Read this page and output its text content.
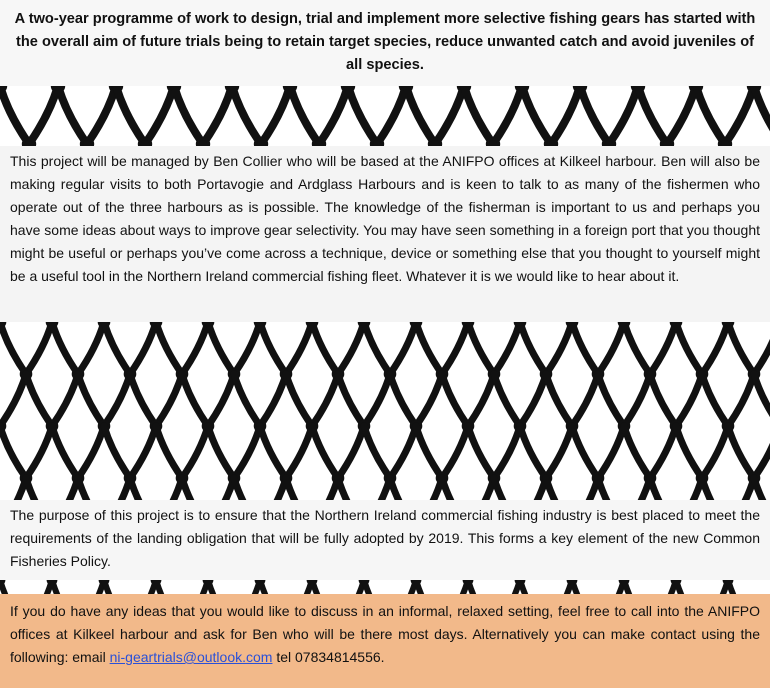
A two-year programme of work to design, trial and implement more selective fishing gears has started with the overall aim of future trials being to retain target species, reduce unwanted catch and avoid juveniles of all species.

This project will be managed by Ben Collier who will be based at the ANIFPO offices at Kilkeel harbour. Ben will also be making regular visits to both Portavogie and Ardglass Harbours and is keen to talk to as many of the fishermen who operate out of the three harbours as is possible. The knowledge of the fisherman is important to us and perhaps you have some ideas about ways to improve gear selectivity. You may have seen something in a foreign port that you thought might be useful or perhaps you’ve come across a technique, device or something else that you thought to yourself might be a useful tool in the Northern Ireland commercial fishing fleet. Whatever it is we would like to hear about it.

The purpose of this project is to ensure that the Northern Ireland commercial fishing industry is best placed to meet the requirements of the landing obligation that will be fully adopted by 2019. This forms a key element of the new Common Fisheries Policy.

If you do have any ideas that you would like to discuss in an informal, relaxed setting, feel free to call into the ANIFPO offices at Kilkeel harbour and ask for Ben who will be there most days. Alternatively you can make contact using the following: email ni-geartrials@outlook.com tel 07834814556.
